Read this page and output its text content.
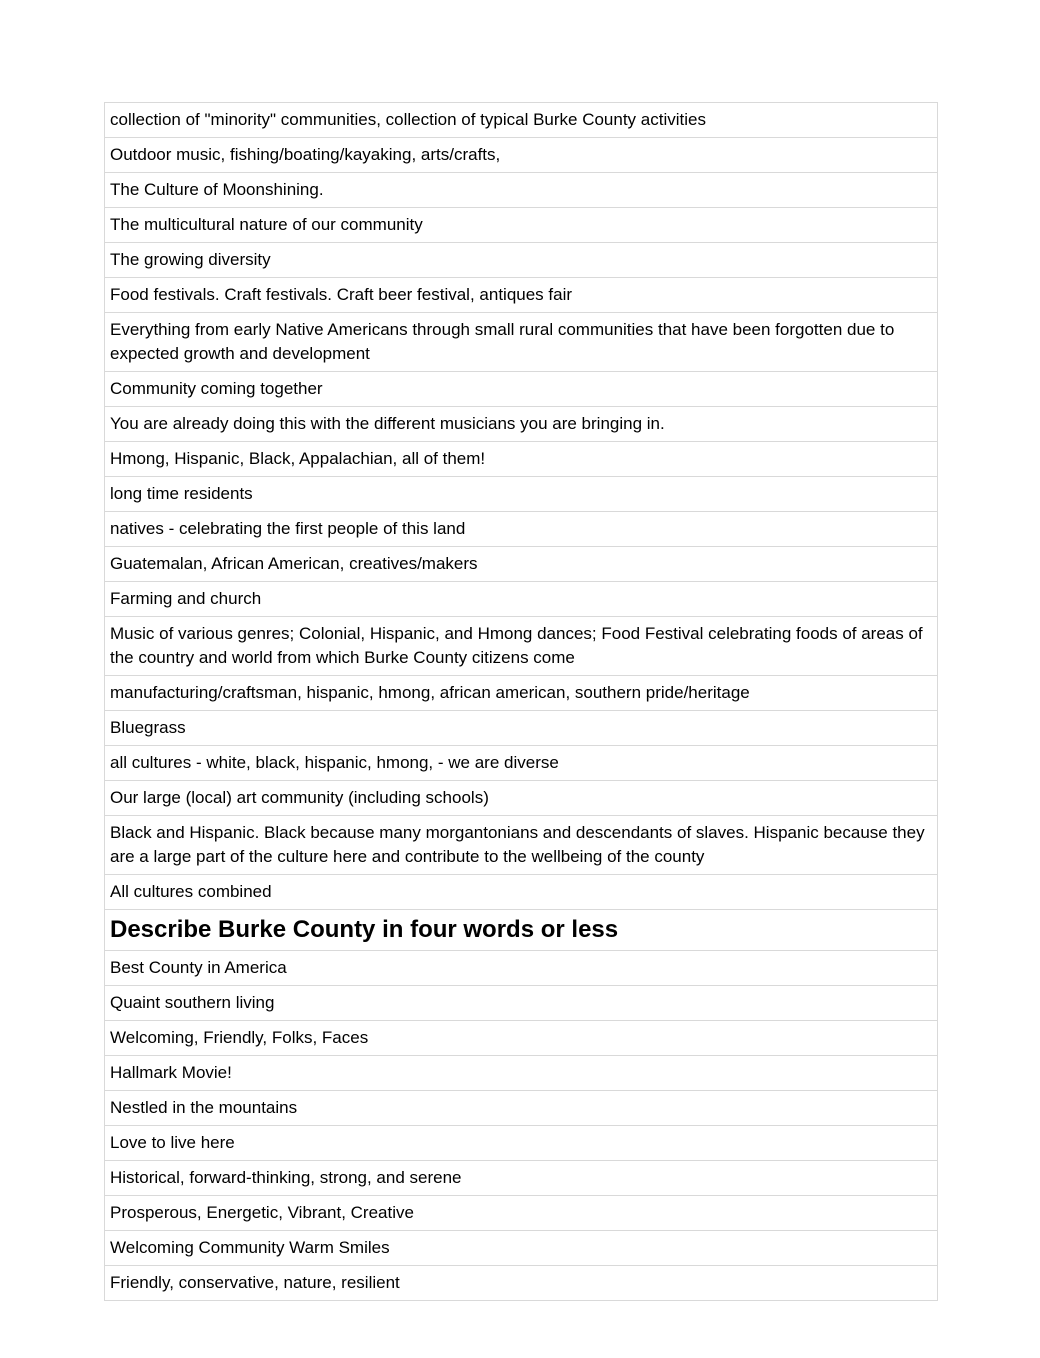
collection of "minority" communities, collection of typical Burke County activities
Outdoor music, fishing/boating/kayaking, arts/crafts,
The Culture of Moonshining.
The multicultural nature of our community
The growing diversity
Food festivals. Craft festivals. Craft beer festival, antiques fair
Everything from early Native Americans through small rural communities that have been forgotten due to expected growth and development
Community coming together
You are already doing this with the different musicians you are bringing in.
Hmong, Hispanic, Black, Appalachian, all of them!
long time residents
natives - celebrating the first people of this land
Guatemalan, African American, creatives/makers
Farming and church
Music of various genres; Colonial, Hispanic, and Hmong dances; Food Festival celebrating foods of areas of the country and world from which Burke County citizens come
manufacturing/craftsman, hispanic, hmong, african american, southern pride/heritage
Bluegrass
all cultures - white, black, hispanic, hmong, - we are diverse
Our large (local) art community (including schools)
Black and Hispanic. Black because many morgantonians and descendants of slaves. Hispanic because they are a large part of the culture here and contribute to the wellbeing of the county
All cultures combined
Describe Burke County in four words or less
Best County in America
Quaint southern living
Welcoming, Friendly, Folks, Faces
Hallmark Movie!
Nestled in the mountains
Love to live here
Historical, forward-thinking, strong, and serene
Prosperous, Energetic, Vibrant, Creative
Welcoming Community Warm Smiles
Friendly, conservative, nature, resilient
